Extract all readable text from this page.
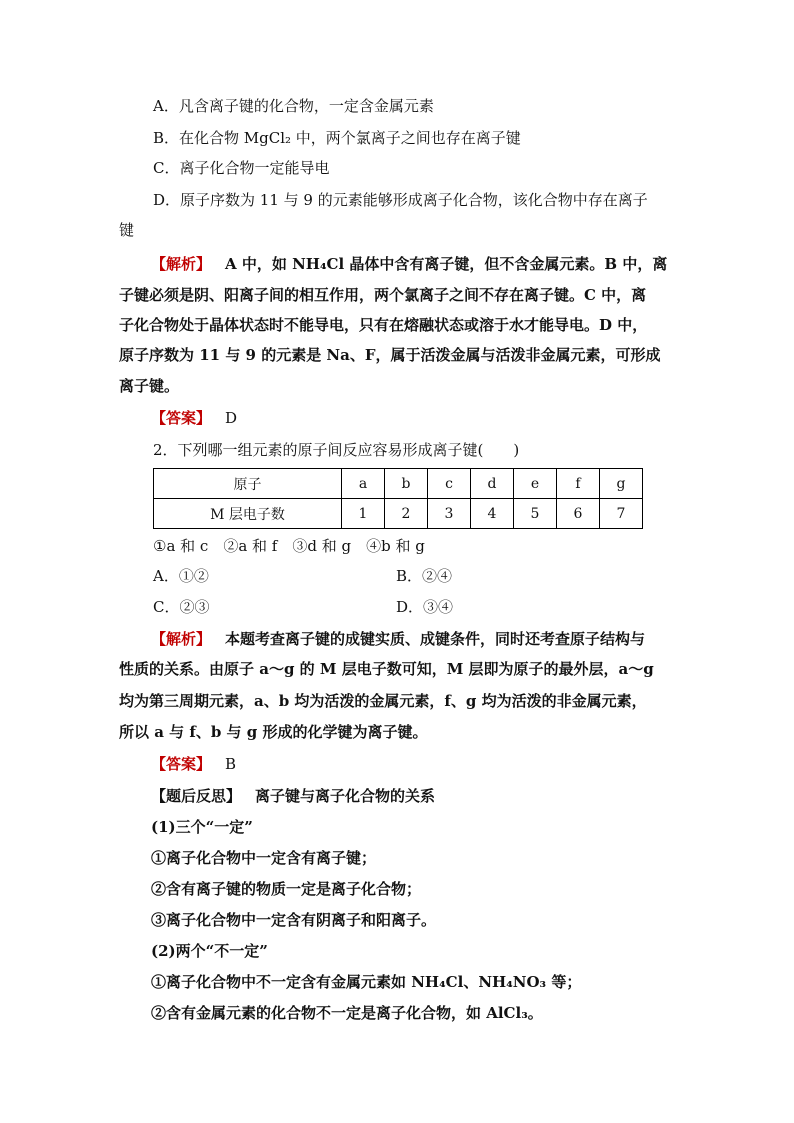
A．凡含离子键的化合物，一定含金属元素
B．在化合物 MgCl₂ 中，两个氯离子之间也存在离子键
C．离子化合物一定能导电
D．原子序数为 11 与 9 的元素能够形成离子化合物，该化合物中存在离子
键
【解析】 A 中，如 NH₄Cl 晶体中含有离子键，但不含金属元素。B 中，离
子键必须是阴、阳离子间的相互作用，两个氯离子之间不存在离子键。C 中，离
子化合物处于晶体状态时不能导电，只有在熔融状态或溶于水才能导电。D 中，
原子序数为 11 与 9 的元素是 Na、F，属于活泼金属与活泼非金属元素，可形成
离子键。
【答案】 D
2．下列哪一组元素的原子间反应容易形成离子键(　　)
原子	a	b	c	d	e	f	g
M 层电子数	1	2	3	4	5	6	7
①a 和 c　②a 和 f　③d 和 g　④b 和 g
A．①②	B．②④
C．②③	D．③④
【解析】 本题考查离子键的成键实质、成键条件，同时还考查原子结构与
性质的关系。由原子 a～g 的 M 层电子数可知，M 层即为原子的最外层，a～g
均为第三周期元素，a、b 均为活泼的金属元素，f、g 均为活泼的非金属元素，
所以 a 与 f、b 与 g 形成的化学键为离子键。
【答案】 B
【题后反思】 离子键与离子化合物的关系
(1)三个“一定”
①离子化合物中一定含有离子键；
②含有离子键的物质一定是离子化合物；
③离子化合物中一定含有阴离子和阳离子。
(2)两个“不一定”
①离子化合物中不一定含有金属元素如 NH₄Cl、NH₄NO₃ 等；
②含有金属元素的化合物不一定是离子化合物，如 AlCl₃。
